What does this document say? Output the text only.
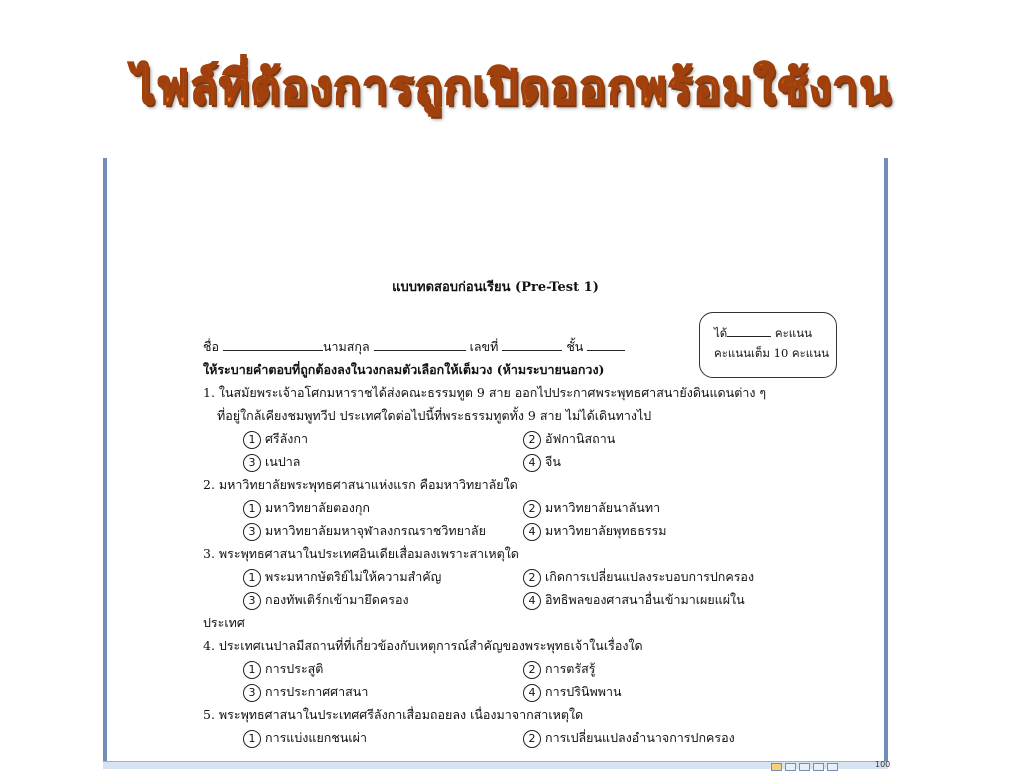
ไฟล์ที่ต้องการถูกเปิดออกพร้อมใช้งาน
แบบทดสอบก่อนเรียน (Pre-Test 1)
ได้	คะแนน
คะแนนเต็ม 10 คะแนน
ชื่อ	นามสกุล	เลขที่	ชั้น
ให้ระบายคำตอบที่ถูกต้องลงในวงกลมตัวเลือกให้เต็มวง (ห้ามระบายนอกวง)
1. ในสมัยพระเจ้าอโศกมหาราชได้ส่งคณะธรรมทูต 9 สาย ออกไปประกาศพระพุทธศาสนายังดินแดนต่าง ๆ
ที่อยู่ใกล้เคียงชมพูทวีป ประเทศใดต่อไปนี้ที่พระธรรมทูตทั้ง 9 สาย ไม่ได้เดินทางไป
1 ศรีลังกา	2 อัฟกานิสถาน
3 เนปาล	4 จีน
2. มหาวิทยาลัยพระพุทธศาสนาแห่งแรก คือมหาวิทยาลัยใด
1 มหาวิทยาลัยตองกุก	2 มหาวิทยาลัยนาลันทา
3 มหาวิทยาลัยมหาจุฬาลงกรณราชวิทยาลัย	4 มหาวิทยาลัยพุทธธรรม
3. พระพุทธศาสนาในประเทศอินเดียเสื่อมลงเพราะสาเหตุใด
1 พระมหากษัตริย์ไม่ให้ความสำคัญ	2 เกิดการเปลี่ยนแปลงระบอบการปกครอง
3 กองทัพเติร์กเข้ามายึดครอง	4 อิทธิพลของศาสนาอื่นเข้ามาเผยแผ่ใน
ประเทศ
4. ประเทศเนปาลมีสถานที่ที่เกี่ยวข้องกับเหตุการณ์สำคัญของพระพุทธเจ้าในเรื่องใด
1 การประสูติ	2 การตรัสรู้
3 การประกาศศาสนา	4 การปรินิพพาน
5. พระพุทธศาสนาในประเทศศรีลังกาเสื่อมถอยลง เนื่องมาจากสาเหตุใด
1 การแบ่งแยกชนเผ่า	2 การเปลี่ยนแปลงอำนาจการปกครอง
100
